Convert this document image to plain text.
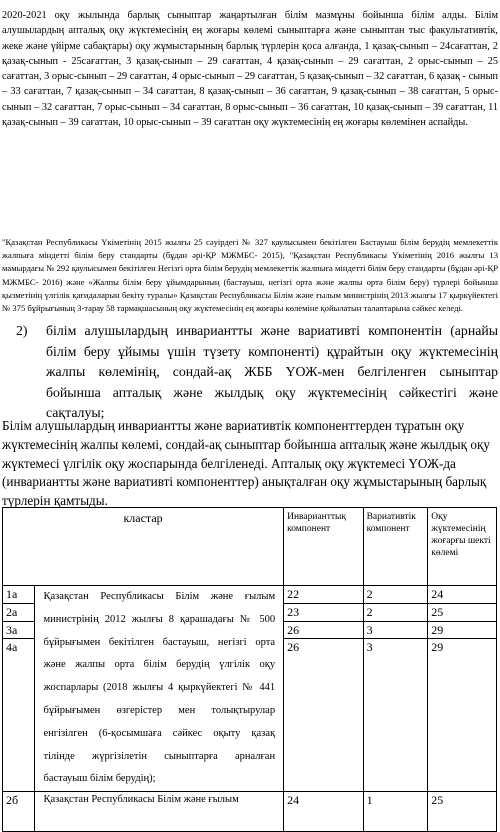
2020-2021 оқу жылында барлық сыныптар жаңартылған білім мазмұны бойынша білім алды. Білім алушылардың апталық оқу жүктемесінің ең жоғары көлемі сыныптарға және сыныптан тыс факультативтік, жеке және үйірме сабақтары) оқу жұмыстарының барлық түрлерін қоса алғанда, 1 қазақ-сынып – 24сағаттан, 2 қазақ-сынып - 25сағаттан, 3 қазақ-сынып – 29 сағаттан, 4 қазақ-сынып – 29 сағаттан, 2 орыс-сынып – 25 сағаттан, 3 орыс-сынып – 29 сағаттан, 4 орыс-сынып – 29 сағаттан, 5 қазақ-сынып – 32 сағаттан, 6 қазақ - сынып – 33 сағаттан, 7 қазақ-сынып – 34 сағаттан, 8 қазақ-сынып – 36 сағаттан, 9 қазақ-сынып – 38 сағаттан, 5 орыс-сынып – 32 сағаттан, 7 орыс-сынып – 34 сағаттан, 8 орыс-сынып – 36 сағаттан, 10 қазақ-сынып – 39 сағаттан, 11 қазақ-сынып – 39 сағаттан, 10 орыс-сынып – 39 сағаттан оқу жүктемесінің ең жоғары көлемінен аспайды.

"Қазақстан Республикасы Үкіметінің 2015 жылғы 25 сәуірдегі № 327 қаулысымен бекітілген Бастауыш білім берудің мемлекеттік жалпыға міндетті білім беру стандарты (бұдан әрі-ҚР МЖМБС- 2015), "Қазақстан Республикасы Үкіметінің 2016 жылғы 13 мамырдағы № 292 қаулысымен бекітілген Негізгі орта білім берудің мемлекеттік жалпыға міндетті білім беру стандарты (бұдан әрі-ҚР МЖМБС- 2016) және «Жалпы білім беру ұйымдарының (бастауыш, негізгі орта және жалпы орта білім беру) түрлері бойынша қызметінің үлгілік қағидаларын бекіту туралы» Қазақстан Республикасы Білім және ғылым министрінің 2013 жылғы 17 қыркүйектегі № 375 бұйрығының 3-тарау 58 тармақшасының оқу жүктемесінің ең жоғары көлеміне қойылатын талаптарына сәйкес келеді.

2) білім алушылардың инвариантты және вариативті компонентін (арнайы білім беру ұйымы үшін түзету компоненті) құрайтын оқу жүктемесінің жалпы көлемінің, сондай-ақ ЖББ ҮОЖ-мен белгіленген сыныптар бойынша апталық және жылдық оқу жүктемесінің сәйкестігі және сақталуы;

Білім алушылардың инвариантты және вариативтік компоненттерден тұратын оқу жүктемесінің жалпы көлемі, сондай-ақ сыныптар бойынша апталық және жылдық оқу жүктемесі үлгілік оқу жоспарында белгіленеді. Апталық оқу жүктемесі ҮОЖ-да (инвариантты және вариативті компоненттер) анықталған оқу жұмыстарының барлық түрлерін қамтыды.

кластар		Инварианттық компонент	Вариативтік компонент	Оқу жүктемесінің жоғарғы шекті көлемі
1а	Қазақстан Республикасы Білім және ғылым министрінің 2012 жылғы 8 қарашадағы № 500 бұйрығымен бекітілген бастауыш, негізгі орта және жалпы орта білім берудің үлгілік оқу жоспарлары (2018 жылғы 4 қыркүйектегі № 441 бұйрығымен өзгерістер мен толықтырулар енгізілген (6-қосымшаға сәйкес оқыту қазақ тілінде жүргізілетін сыныптарға арналған бастауыш білім берудің);	22	2	24
2а		23	2	25
3а		26	3	29
4а		26	3	29
2б	Қазақстан Республикасы Білім және ғылым	24	1	25
